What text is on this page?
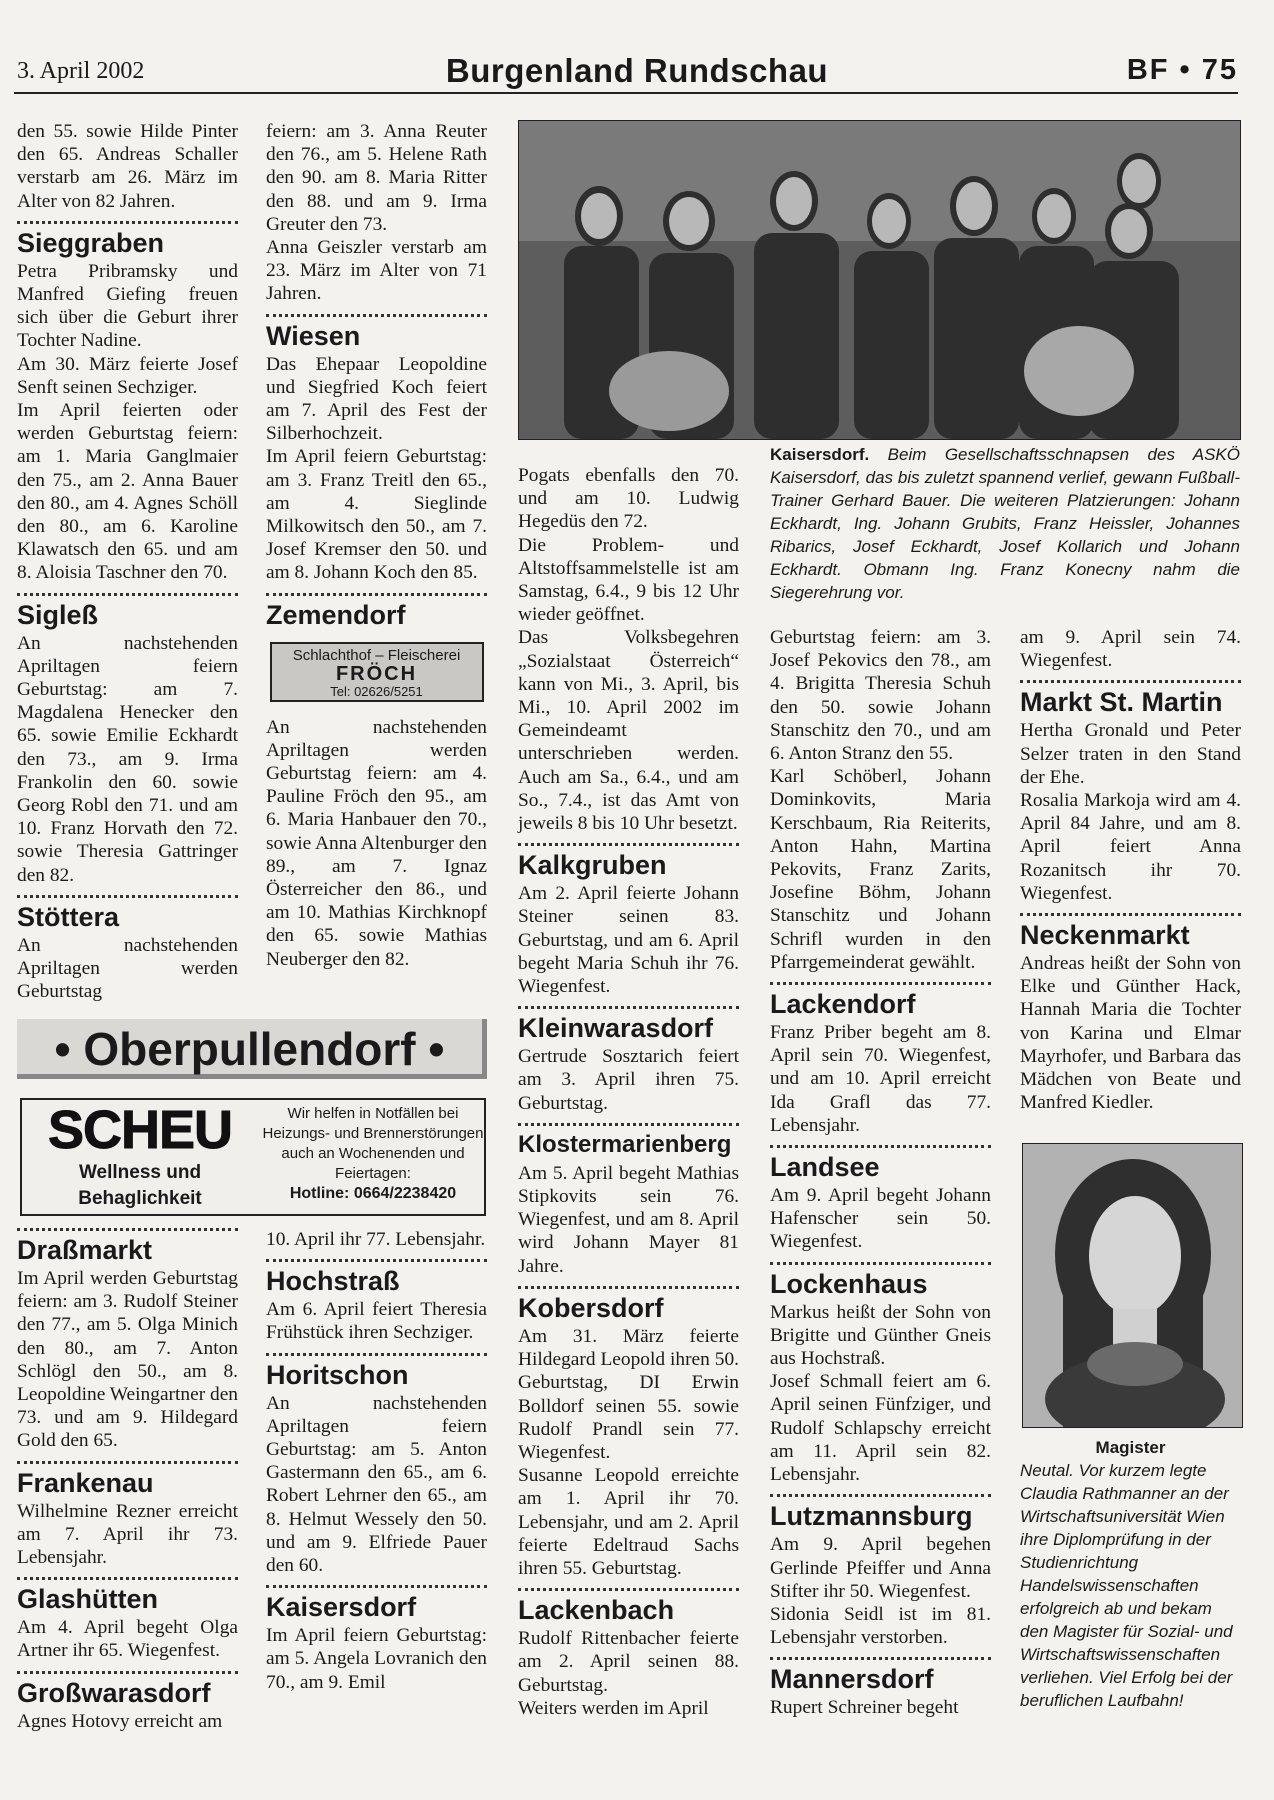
3. April 2002	Burgenland Rundschau	BF • 75

den 55. sowie Hilde Pinter den 65. Andreas Schaller verstarb am 26. März im Alter von 82 Jahren.

Sieggraben

Petra Pribramsky und Manfred Giefing freuen sich über die Geburt ihrer Tochter Nadine.

Am 30. März feierte Josef Senft seinen Sechziger.

Im April feierten oder werden Geburtstag feiern: am 1. Maria Ganglmaier den 75., am 2. Anna Bauer den 80., am 4. Agnes Schöll den 80., am 6. Karoline Klawatsch den 65. und am 8. Aloisia Taschner den 70.

Sigleß

An nachstehenden Apriltagen feiern Geburtstag: am 7. Magdalena Henecker den 65. sowie Emilie Eckhardt den 73., am 9. Irma Frankolin den 60. sowie Georg Robl den 71. und am 10. Franz Horvath den 72. sowie Theresia Gattringer den 82.

Stöttera

An nachstehenden Apriltagen werden Geburtstag

feiern: am 3. Anna Reuter den 76., am 5. Helene Rath den 90. am 8. Maria Ritter den 88. und am 9. Irma Greuter den 73.

Anna Geiszler verstarb am 23. März im Alter von 71 Jahren.

Wiesen

Das Ehepaar Leopoldine und Siegfried Koch feiert am 7. April des Fest der Silberhochzeit.

Im April feiern Geburtstag: am 3. Franz Treitl den 65., am 4. Sieglinde Milkowitsch den 50., am 7. Josef Kremser den 50. und am 8. Johann Koch den 85.

Zemendorf

Schlachthof – Fleischerei
FRÖCH
Tel: 02626/5251

An nachstehenden Apriltagen werden Geburtstag feiern: am 4. Pauline Fröch den 95., am 6. Maria Hanbauer den 70., sowie Anna Altenburger den 89., am 7. Ignaz Österreicher den 86., und am 10. Mathias Kirchknopf den 65. sowie Mathias Neuberger den 82.

• Oberpullendorf •
SCHEU
Wellness und
Behaglichkeit
Wir helfen in Notfällen bei Heizungs- und Brennerstörungen auch an Wochenenden und Feiertagen:
Hotline: 0664/2238420

Draßmarkt

Im April werden Geburtstag feiern: am 3. Rudolf Steiner den 77., am 5. Olga Minich den 80., am 7. Anton Schlögl den 50., am 8. Leopoldine Weingartner den 73. und am 9. Hildegard Gold den 65.

Frankenau

Wilhelmine Rezner erreicht am 7. April ihr 73. Lebensjahr.

Glashütten

Am 4. April begeht Olga Artner ihr 65. Wiegenfest.

Großwarasdorf

Agnes Hotovy erreicht am

10. April ihr 77. Lebensjahr.

Hochstraß

Am 6. April feiert Theresia Frühstück ihren Sechziger.

Horitschon

An nachstehenden Apriltagen feiern Geburtstag: am 5. Anton Gastermann den 65., am 6. Robert Lehrner den 65., am 8. Helmut Wessely den 50. und am 9. Elfriede Pauer den 60.

Kaisersdorf

Im April feiern Geburtstag: am 5. Angela Lovranich den 70., am 9. Emil

Kaisersdorf. Beim Gesellschaftsschnapsen des ASKÖ Kaisersdorf, das bis zuletzt spannend verlief, gewann Fußball-Trainer Gerhard Bauer. Die weiteren Platzierungen: Johann Eckhardt, Ing. Johann Grubits, Franz Heissler, Johannes Ribarics, Josef Eckhardt, Josef Kollarich und Johann Eckhardt. Obmann Ing. Franz Konecny nahm die Siegerehrung vor.

Pogats ebenfalls den 70. und am 10. Ludwig Hegedüs den 72.

Die Problem- und Altstoffsammelstelle ist am Samstag, 6.4., 9 bis 12 Uhr wieder geöffnet.

Das Volksbegehren „Sozialstaat Österreich“ kann von Mi., 3. April, bis Mi., 10. April 2002 im Gemeindeamt unterschrieben werden. Auch am Sa., 6.4., und am So., 7.4., ist das Amt von jeweils 8 bis 10 Uhr besetzt.

Kalkgruben

Am 2. April feierte Johann Steiner seinen 83. Geburtstag, und am 6. April begeht Maria Schuh ihr 76. Wiegenfest.

Kleinwarasdorf

Gertrude Sosztarich feiert am 3. April ihren 75. Geburtstag.

Klostermarienberg

Am 5. April begeht Mathias Stipkovits sein 76. Wiegenfest, und am 8. April wird Johann Mayer 81 Jahre.

Kobersdorf

Am 31. März feierte Hildegard Leopold ihren 50. Geburtstag, DI Erwin Bolldorf seinen 55. sowie Rudolf Prandl sein 77. Wiegenfest.

Susanne Leopold erreichte am 1. April ihr 70. Lebensjahr, und am 2. April feierte Edeltraud Sachs ihren 55. Geburtstag.

Lackenbach

Rudolf Rittenbacher feierte am 2. April seinen 88. Geburtstag.

Weiters werden im April

Geburtstag feiern: am 3. Josef Pekovics den 78., am 4. Brigitta Theresia Schuh den 50. sowie Johann Stanschitz den 70., und am 6. Anton Stranz den 55.

Karl Schöberl, Johann Dominkovits, Maria Kerschbaum, Ria Reiterits, Anton Hahn, Martina Pekovits, Franz Zarits, Josefine Böhm, Johann Stanschitz und Johann Schrifl wurden in den Pfarrgemeinderat gewählt.

Lackendorf

Franz Priber begeht am 8. April sein 70. Wiegenfest, und am 10. April erreicht Ida Grafl das 77. Lebensjahr.

Landsee

Am 9. April begeht Johann Hafenscher sein 50. Wiegenfest.

Lockenhaus

Markus heißt der Sohn von Brigitte und Günther Gneis aus Hochstraß.

Josef Schmall feiert am 6. April seinen Fünfziger, und Rudolf Schlapschy erreicht am 11. April sein 82. Lebensjahr.

Lutzmannsburg

Am 9. April begehen Gerlinde Pfeiffer und Anna Stifter ihr 50. Wiegenfest.

Sidonia Seidl ist im 81. Lebensjahr verstorben.

Mannersdorf

Rupert Schreiner begeht

am 9. April sein 74. Wiegenfest.

Markt St. Martin

Hertha Gronald und Peter Selzer traten in den Stand der Ehe.

Rosalia Markoja wird am 4. April 84 Jahre, und am 8. April feiert Anna Rozanitsch ihr 70. Wiegenfest.

Neckenmarkt

Andreas heißt der Sohn von Elke und Günther Hack, Hannah Maria die Tochter von Karina und Elmar Mayrhofer, und Barbara das Mädchen von Beate und Manfred Kiedler.

Magister
Neutal. Vor kurzem legte Claudia Rathmanner an der Wirtschaftsuniversität Wien ihre Diplomprüfung in der Studienrichtung Handelswissenschaften erfolgreich ab und bekam den Magister für Sozial- und Wirtschaftswissenschaften verliehen. Viel Erfolg bei der beruflichen Laufbahn!
